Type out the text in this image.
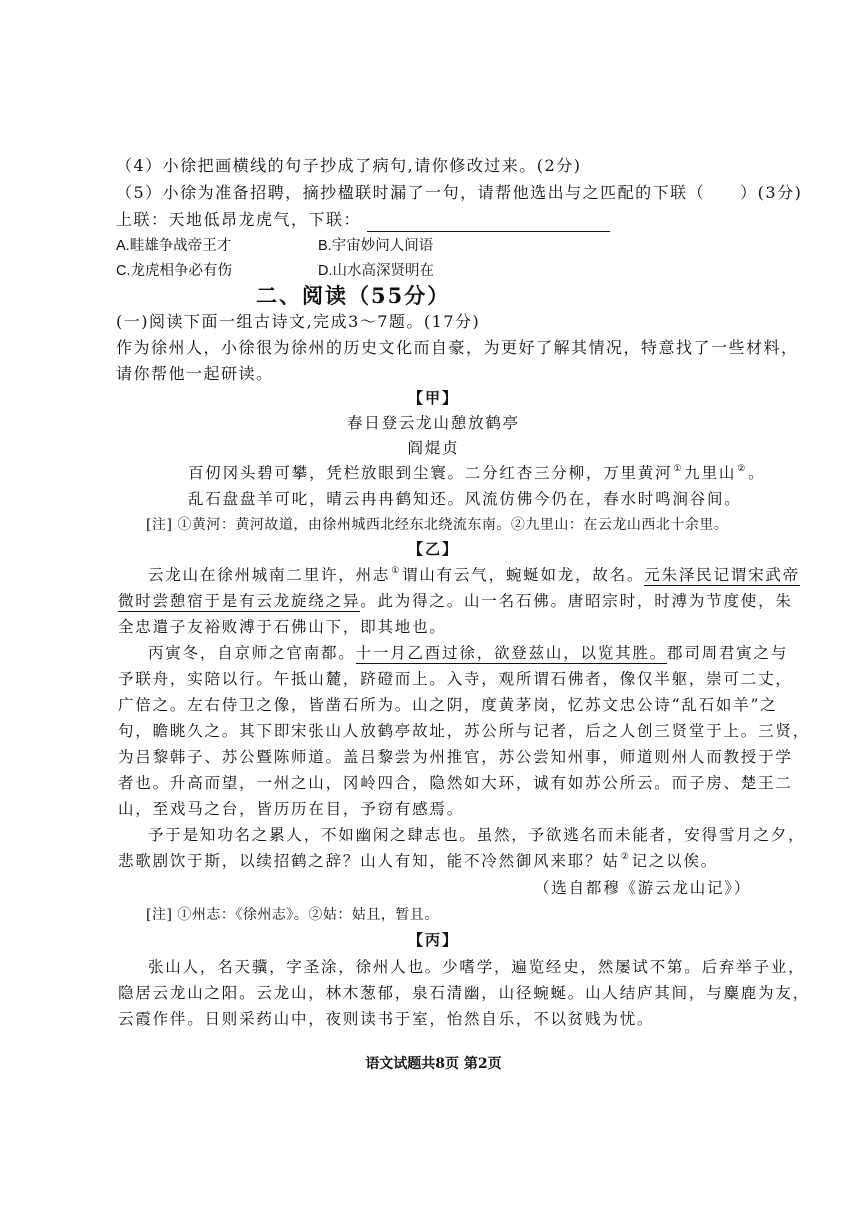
（4）小徐把画横线的句子抄成了病句,请你修改过来。(2分)
（5）小徐为准备招聘，摘抄楹联时漏了一句，请帮他选出与之匹配的下联（　　）(3分)
上联：天地低昂龙虎气，下联：
A.畦雄争战帝王才	B.宇宙妙问人间语
C.龙虎相争必有伤	D.山水高深贤明在
二、阅读（55分）
(一)阅读下面一组古诗文,完成3～7题。(17分)
作为徐州人，小徐很为徐州的历史文化而自豪，为更好了解其情况，特意找了一些材料，
请你帮他一起研读。
【甲】
春日登云龙山憩放鹤亭
阎焜贞
百仞冈头碧可攀，凭栏放眼到尘寰。二分红杏三分柳，万里黄河①九里山②。
乱石盘盘羊可叱，晴云冉冉鹤知还。风流仿佛今仍在，春水时鸣涧谷间。
[注] ①黄河：黄河故道，由徐州城西北经东北绕流东南。②九里山：在云龙山西北十余里。
【乙】
云龙山在徐州城南二里许，州志①谓山有云气，蜿蜒如龙，故名。元朱泽民记谓宋武帝
微时尝憩宿于是有云龙旋绕之异。此为得之。山一名石佛。唐昭宗时，时溥为节度使，朱
全忠遣子友裕败溥于石佛山下，即其地也。
丙寅冬，自京师之官南都。十一月乙酉过徐，欲登兹山，以览其胜。郡司周君寅之与
予联舟，实陪以行。午抵山麓，跻磴而上。入寺，观所谓石佛者，像仅半躯，崇可二丈，
广倍之。左右侍卫之像，皆凿石所为。山之阴，度黄茅岗，忆苏文忠公诗“乱石如羊”之
句，瞻眺久之。其下即宋张山人放鹤亭故址，苏公所与记者，后之人创三贤堂于上。三贤，
为吕黎韩子、苏公暨陈师道。盖吕黎尝为州推官，苏公尝知州事，师道则州人而教授于学
者也。升高而望，一州之山，冈岭四合，隐然如大环，诚有如苏公所云。而子房、楚王二
山，至戏马之台，皆历历在目，予窃有感焉。
予于是知功名之累人，不如幽闲之肆志也。虽然，予欲逃名而未能者，安得雪月之夕，
悲歌剧饮于斯，以续招鹤之辞？山人有知，能不冷然御风来耶？姑②记之以俟。
（选自都穆《游云龙山记》）
[注] ①州志：《徐州志》。②姑：姑且，暂且。
【丙】
张山人，名天骥，字圣涂，徐州人也。少嗜学，遍览经史，然屡试不第。后弃举子业，
隐居云龙山之阳。云龙山，林木葱郁，泉石清幽，山径蜿蜒。山人结庐其间，与麋鹿为友，
云霞作伴。日则采药山中，夜则读书于室，怡然自乐，不以贫贱为忧。
语文试题共8页 第2页
